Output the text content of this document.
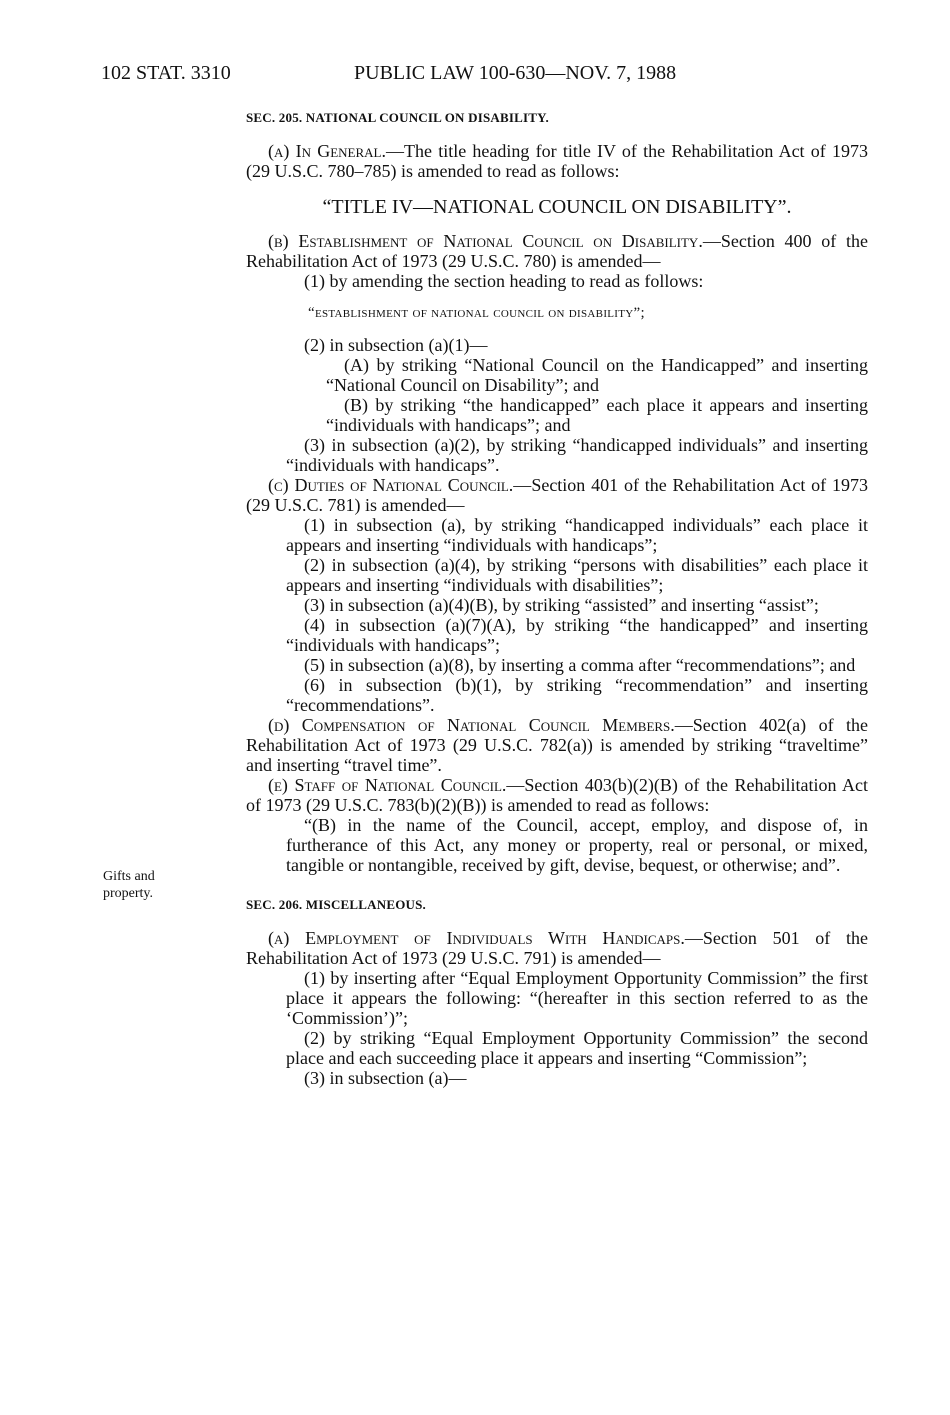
102 STAT. 3310	PUBLIC LAW 100-630—NOV. 7, 1988
Gifts and property.
SEC. 205. NATIONAL COUNCIL ON DISABILITY.

(a) In General.—The title heading for title IV of the Rehabilitation Act of 1973 (29 U.S.C. 780–785) is amended to read as follows:

“TITLE IV—NATIONAL COUNCIL ON DISABILITY”.

(b) Establishment of National Council on Disability.—Section 400 of the Rehabilitation Act of 1973 (29 U.S.C. 780) is amended—

(1) by amending the section heading to read as follows:

“establishment of national council on disability”;

(2) in subsection (a)(1)—

(A) by striking “National Council on the Handicapped” and inserting “National Council on Disability”; and

(B) by striking “the handicapped” each place it appears and inserting “individuals with handicaps”; and

(3) in subsection (a)(2), by striking “handicapped individuals” and inserting “individuals with handicaps”.

(c) Duties of National Council.—Section 401 of the Rehabilitation Act of 1973 (29 U.S.C. 781) is amended—

(1) in subsection (a), by striking “handicapped individuals” each place it appears and inserting “individuals with handicaps”;

(2) in subsection (a)(4), by striking “persons with disabilities” each place it appears and inserting “individuals with disabilities”;

(3) in subsection (a)(4)(B), by striking “assisted” and inserting “assist”;

(4) in subsection (a)(7)(A), by striking “the handicapped” and inserting “individuals with handicaps”;

(5) in subsection (a)(8), by inserting a comma after “recommendations”; and

(6) in subsection (b)(1), by striking “recommendation” and inserting “recommendations”.

(d) Compensation of National Council Members.—Section 402(a) of the Rehabilitation Act of 1973 (29 U.S.C. 782(a)) is amended by striking “traveltime” and inserting “travel time”.

(e) Staff of National Council.—Section 403(b)(2)(B) of the Rehabilitation Act of 1973 (29 U.S.C. 783(b)(2)(B)) is amended to read as follows:

“(B) in the name of the Council, accept, employ, and dispose of, in furtherance of this Act, any money or property, real or personal, or mixed, tangible or nontangible, received by gift, devise, bequest, or otherwise; and”.

SEC. 206. MISCELLANEOUS.

(a) Employment of Individuals With Handicaps.—Section 501 of the Rehabilitation Act of 1973 (29 U.S.C. 791) is amended—

(1) by inserting after “Equal Employment Opportunity Commission” the first place it appears the following: “(hereafter in this section referred to as the ‘Commission’)”;

(2) by striking “Equal Employment Opportunity Commission” the second place and each succeeding place it appears and inserting “Commission”;

(3) in subsection (a)—
